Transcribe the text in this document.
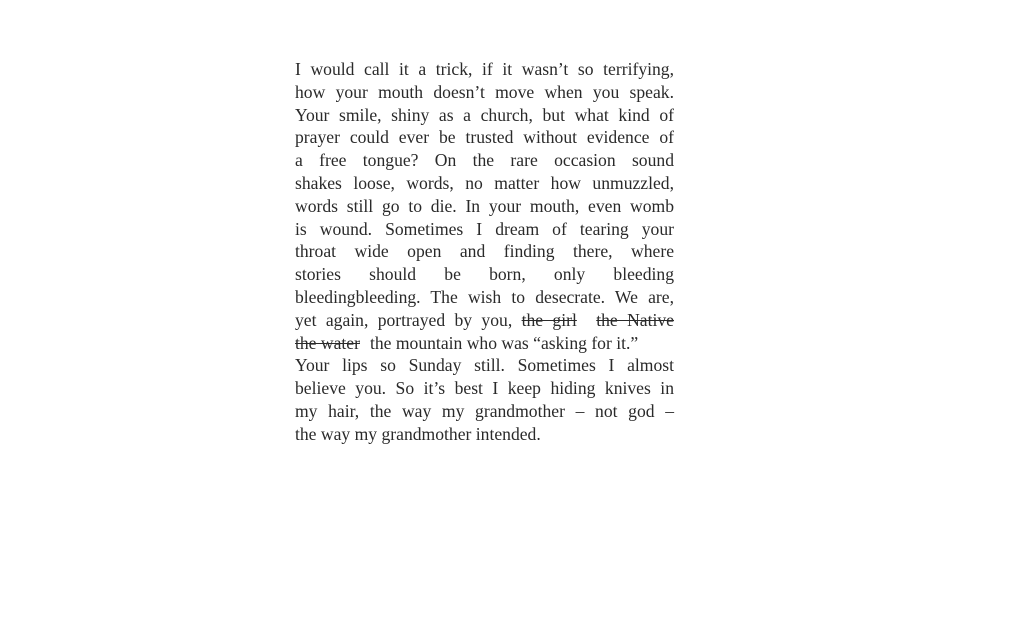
I would call it a trick, if it wasn’t so terrifying,
how your mouth doesn’t move when you speak.
Your smile, shiny as a church, but what kind of
prayer could ever be trusted without evidence of
a free tongue? On the rare occasion sound
shakes loose, words, no matter how unmuzzled,
words still go to die. In your mouth, even womb
is wound. Sometimes I dream of tearing your
throat wide open and finding there, where
stories should be born, only bleeding
bleedingbleeding. The wish to desecrate. We are,
yet again, portrayed by you, the girl the Native
the water the mountain who was “asking for it.”
Your lips so Sunday still. Sometimes I almost
believe you. So it’s best I keep hiding knives in
my hair, the way my grandmother – not god –
the way my grandmother intended.
